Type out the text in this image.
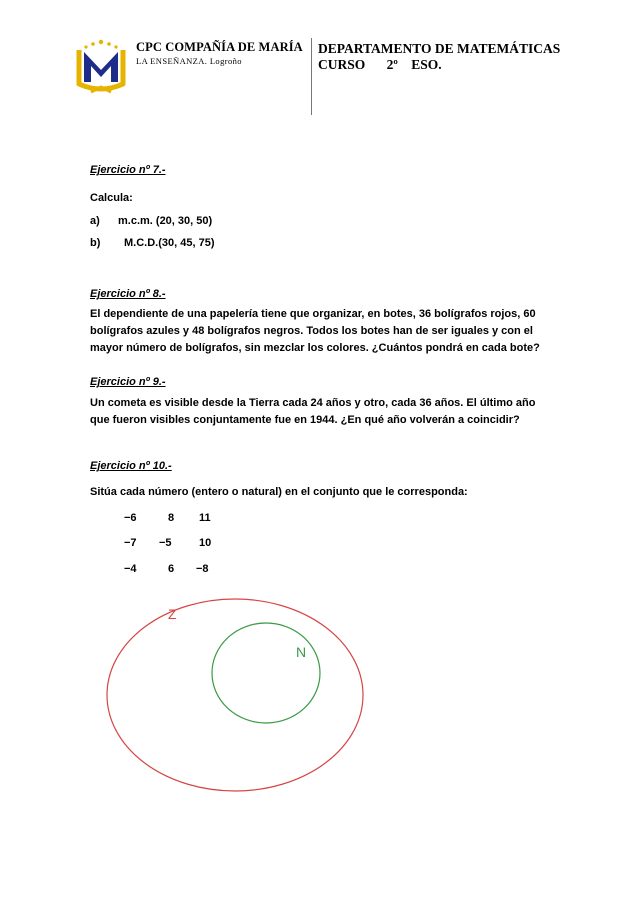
CPC COMPAÑÍA DE MARÍA
LA ENSEÑANZA. Logroño
DEPARTAMENTO DE MATEMÁTICAS
CURSO 2º ESO.
Ejercicio nº 7.-
Calcula:
a) m.c.m. (20, 30, 50)
b) M.C.D.(30, 45, 75)
Ejercicio nº 8.-
El dependiente de una papelería tiene que organizar, en botes, 36 bolígrafos rojos, 60
bolígrafos azules y 48 bolígrafos negros. Todos los botes han de ser iguales y con el
mayor número de bolígrafos, sin mezclar los colores. ¿Cuántos pondrá en cada bote?
Ejercicio nº 9.-
Un cometa es visible desde la Tierra cada 24 años y otro, cada 36 años. El último año
que fueron visibles conjuntamente fue en 1944. ¿En qué año volverán a coincidir?
Ejercicio nº 10.-
Sitúa cada número (entero o natural) en el conjunto que le corresponda:
−6	8 11
−7 −5 10
−4	6 −8
Z
N
